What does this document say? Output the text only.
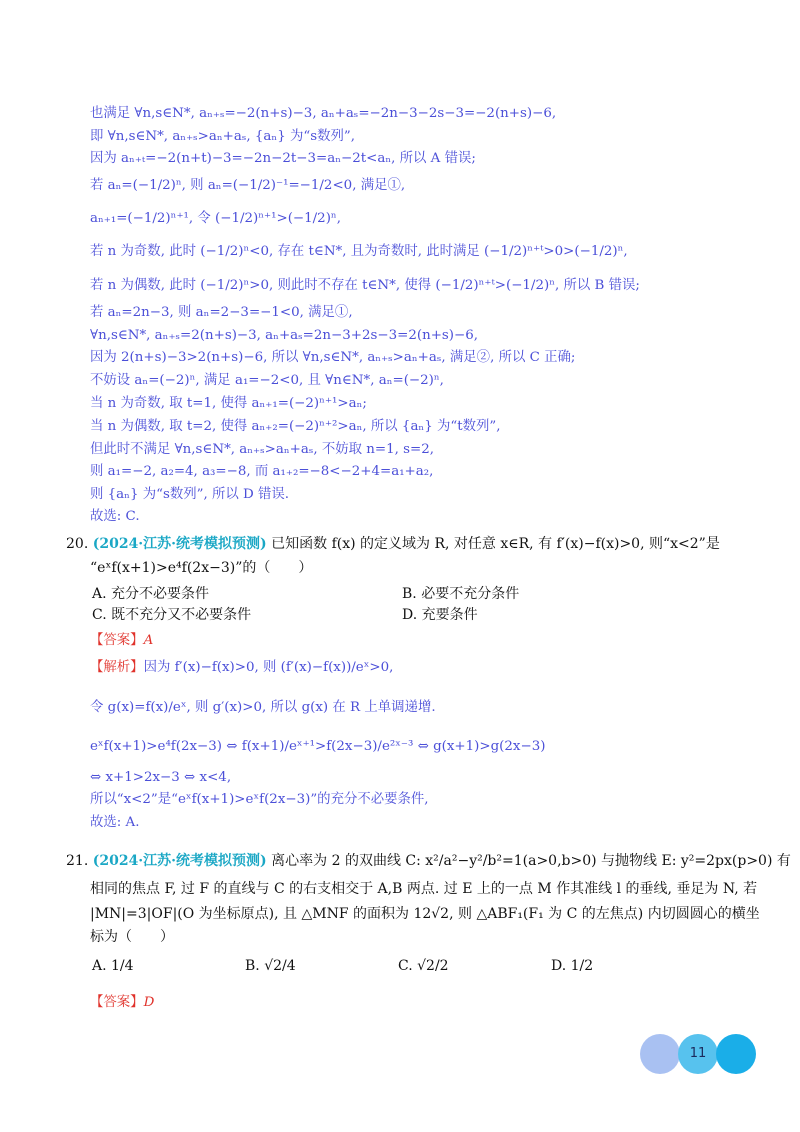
也满足 ∀n,s∈N*, aₙ₊ₛ=−2(n+s)−3, aₙ+aₛ=−2n−3−2s−3=−2(n+s)−6,
即 ∀n,s∈N*, aₙ₊ₛ>aₙ+aₛ, {aₙ} 为“s数列”,
因为 aₙ₊ₜ=−2(n+t)−3=−2n−2t−3=aₙ−2t<aₙ, 所以 A 错误;
若 aₙ=(−1/2)ⁿ, 则 aₙ=(−1/2)⁻¹=−1/2<0, 满足①,
aₙ₊₁=(−1/2)ⁿ⁺¹, 令 (−1/2)ⁿ⁺¹>(−1/2)ⁿ,
若 n 为奇数, 此时 (−1/2)ⁿ<0, 存在 t∈N*, 且为奇数时, 此时满足 (−1/2)ⁿ⁺ᵗ>0>(−1/2)ⁿ,
若 n 为偶数, 此时 (−1/2)ⁿ>0, 则此时不存在 t∈N*, 使得 (−1/2)ⁿ⁺ᵗ>(−1/2)ⁿ, 所以 B 错误;
若 aₙ=2n−3, 则 aₙ=2−3=−1<0, 满足①,
∀n,s∈N*, aₙ₊ₛ=2(n+s)−3, aₙ+aₛ=2n−3+2s−3=2(n+s)−6,
因为 2(n+s)−3>2(n+s)−6, 所以 ∀n,s∈N*, aₙ₊ₛ>aₙ+aₛ, 满足②, 所以 C 正确;
不妨设 aₙ=(−2)ⁿ, 满足 a₁=−2<0, 且 ∀n∈N*, aₙ=(−2)ⁿ,
当 n 为奇数, 取 t=1, 使得 aₙ₊₁=(−2)ⁿ⁺¹>aₙ;
当 n 为偶数, 取 t=2, 使得 aₙ₊₂=(−2)ⁿ⁺²>aₙ, 所以 {aₙ} 为“t数列”,
但此时不满足 ∀n,s∈N*, aₙ₊ₛ>aₙ+aₛ, 不妨取 n=1, s=2,
则 a₁=−2, a₂=4, a₃=−8, 而 a₁₊₂=−8<−2+4=a₁+a₂,
则 {aₙ} 为“s数列”, 所以 D 错误.
故选: C.
20. (2024·江苏·统考模拟预测) 已知函数 f(x) 的定义域为 R, 对任意 x∈R, 有 f′(x)−f(x)>0, 则“x<2”是
“eˣf(x+1)>e⁴f(2x−3)”的（　　）
A. 充分不必要条件	B. 必要不充分条件
C. 既不充分又不必要条件	D. 充要条件
【答案】A
【解析】因为 f′(x)−f(x)>0, 则 (f′(x)−f(x))/eˣ>0,
令 g(x)=f(x)/eˣ, 则 g′(x)>0, 所以 g(x) 在 R 上单调递增.
eˣf(x+1)>e⁴f(2x−3) ⇔ f(x+1)/eˣ⁺¹>f(2x−3)/e²ˣ⁻³ ⇔ g(x+1)>g(2x−3)
⇔ x+1>2x−3 ⇔ x<4,
所以“x<2”是“eˣf(x+1)>eˣf(2x−3)”的充分不必要条件,
故选: A.
21. (2024·江苏·统考模拟预测) 离心率为 2 的双曲线 C: x²/a²−y²/b²=1(a>0,b>0) 与抛物线 E: y²=2px(p>0) 有
相同的焦点 F, 过 F 的直线与 C 的右支相交于 A,B 两点. 过 E 上的一点 M 作其准线 l 的垂线, 垂足为 N, 若
|MN|=3|OF|(O 为坐标原点), 且 △MNF 的面积为 12√2, 则 △ABF₁(F₁ 为 C 的左焦点) 内切圆圆心的横坐
标为（　　）
A. 1/4	B. √2/4	C. √2/2	D. 1/2
【答案】D
11
